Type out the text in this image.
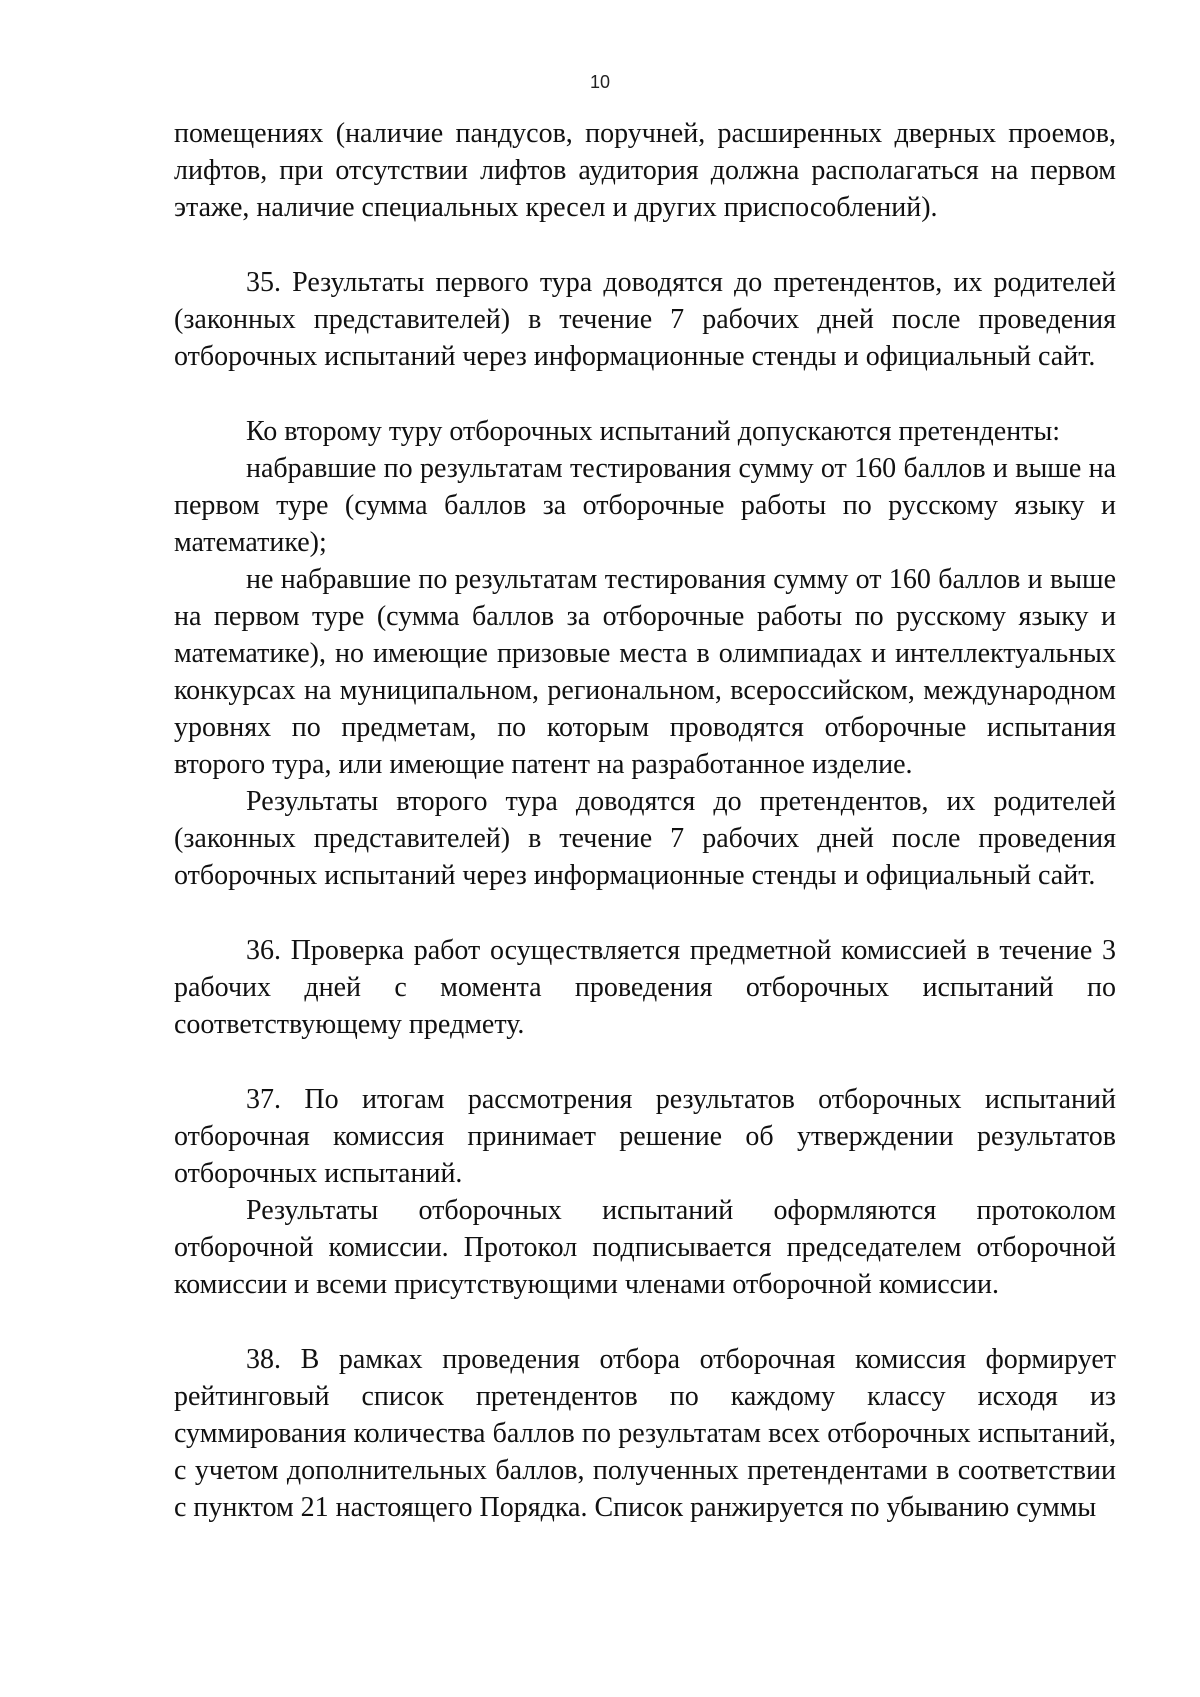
10

помещениях (наличие пандусов, поручней, расширенных дверных проемов, лифтов, при отсутствии лифтов аудитория должна располагаться на первом этаже, наличие специальных кресел и других приспособлений).

35. Результаты первого тура доводятся до претендентов, их родителей (законных представителей) в течение 7 рабочих дней после проведения отборочных испытаний через информационные стенды и официальный сайт.

Ко второму туру отборочных испытаний допускаются претенденты:

набравшие по результатам тестирования сумму от 160 баллов и выше на первом туре (сумма баллов за отборочные работы по русскому языку и математике);

не набравшие по результатам тестирования сумму от 160 баллов и выше на первом туре (сумма баллов за отборочные работы по русскому языку и математике), но имеющие призовые места в олимпиадах и интеллектуальных конкурсах на муниципальном, региональном, всероссийском, международном уровнях по предметам, по которым проводятся отборочные испытания второго тура, или имеющие патент на разработанное изделие.

Результаты второго тура доводятся до претендентов, их родителей (законных представителей) в течение 7 рабочих дней после проведения отборочных испытаний через информационные стенды и официальный сайт.

36. Проверка работ осуществляется предметной комиссией в течение 3 рабочих дней с момента проведения отборочных испытаний по соответствующему предмету.

37. По итогам рассмотрения результатов отборочных испытаний отборочная комиссия принимает решение об утверждении результатов отборочных испытаний.

Результаты отборочных испытаний оформляются протоколом отборочной комиссии. Протокол подписывается председателем отборочной комиссии и всеми присутствующими членами отборочной комиссии.

38. В рамках проведения отбора отборочная комиссия формирует рейтинговый список претендентов по каждому классу исходя из суммирования количества баллов по результатам всех отборочных испытаний, с учетом дополнительных баллов, полученных претендентами в соответствии с пунктом 21 настоящего Порядка. Список ранжируется по убыванию суммы
